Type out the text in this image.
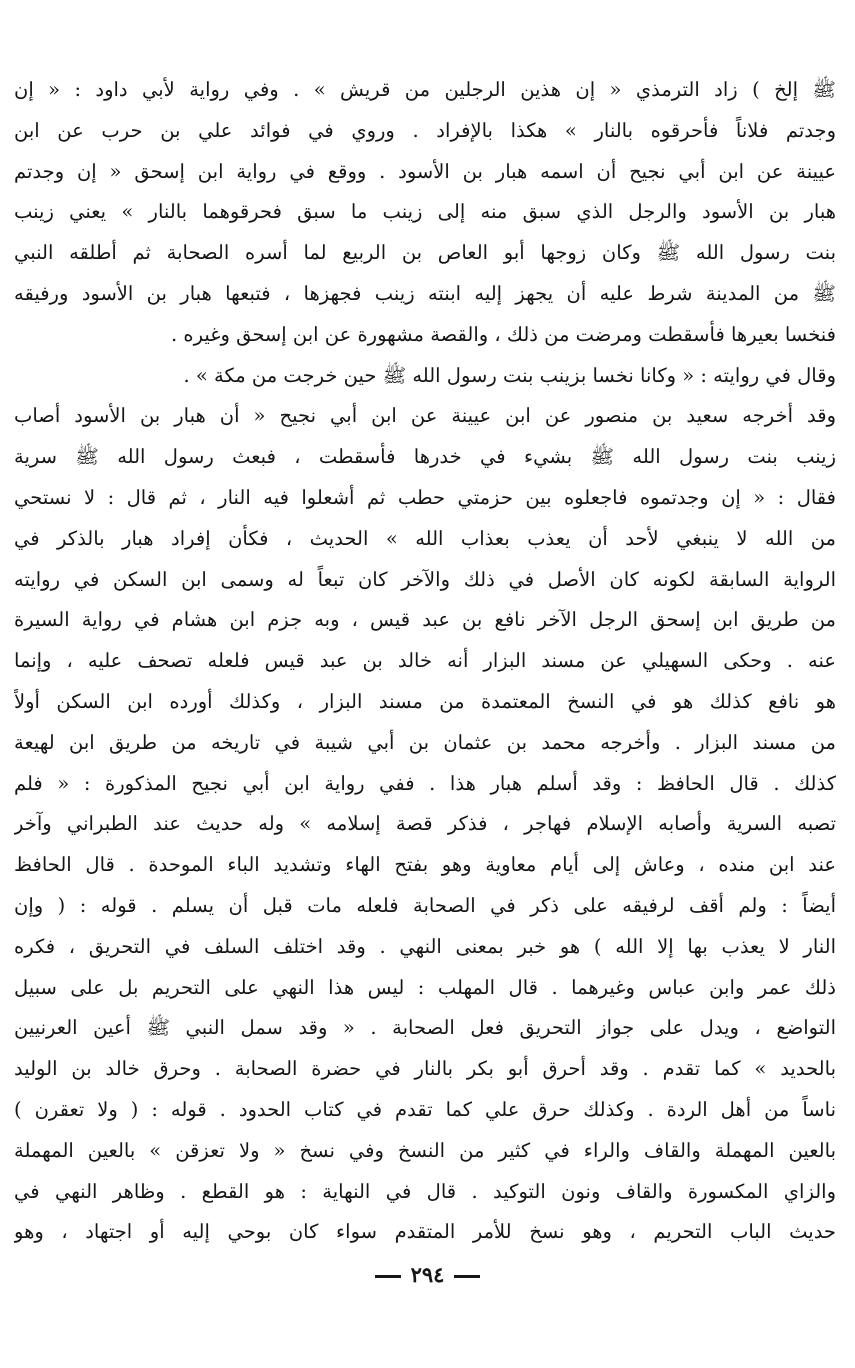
ﷺ إلخ ) زاد الترمذي « إن هذين الرجلين من قريش » . وفي رواية لأبي داود : « إن
وجدتم فلاناً فأحرقوه بالنار » هكذا بالإفراد . وروي في فوائد علي بن حرب عن ابن
عيينة عن ابن أبي نجيح أن اسمه هبار بن الأسود . ووقع في رواية ابن إسحق « إن وجدتم
هبار بن الأسود والرجل الذي سبق منه إلى زينب ما سبق فحرقوهما بالنار » يعني زينب
بنت رسول الله ﷺ وكان زوجها أبو العاص بن الربيع لما أسره الصحابة ثم أطلقه النبي
ﷺ من المدينة شرط عليه أن يجهز إليه ابنته زينب فجهزها ، فتبعها هبار بن الأسود ورفيقه
فنخسا بعيرها فأسقطت ومرضت من ذلك ، والقصة مشهورة عن ابن إسحق وغيره .
وقال في روايته : « وكانا نخسا بزينب بنت رسول الله ﷺ حين خرجت من مكة » .
وقد أخرجه سعيد بن منصور عن ابن عيينة عن ابن أبي نجيح « أن هبار بن الأسود أصاب
زينب بنت رسول الله ﷺ بشيء في خدرها فأسقطت ، فبعث رسول الله ﷺ سرية
فقال : « إن وجدتموه فاجعلوه بين حزمتي حطب ثم أشعلوا فيه النار ، ثم قال : لا نستحي
من الله لا ينبغي لأحد أن يعذب بعذاب الله » الحديث ، فكأن إفراد هبار بالذكر في
الرواية السابقة لكونه كان الأصل في ذلك والآخر كان تبعاً له وسمى ابن السكن في روايته
من طريق ابن إسحق الرجل الآخر نافع بن عبد قيس ، وبه جزم ابن هشام في رواية السيرة
عنه . وحكى السهيلي عن مسند البزار أنه خالد بن عبد قيس فلعله تصحف عليه ، وإنما
هو نافع كذلك هو في النسخ المعتمدة من مسند البزار ، وكذلك أورده ابن السكن أولاً
من مسند البزار . وأخرجه محمد بن عثمان بن أبي شيبة في تاريخه من طريق ابن لهيعة
كذلك . قال الحافظ : وقد أسلم هبار هذا . ففي رواية ابن أبي نجيح المذكورة : « فلم
تصبه السرية وأصابه الإسلام فهاجر ، فذكر قصة إسلامه » وله حديث عند الطبراني وآخر
عند ابن منده ، وعاش إلى أيام معاوية وهو بفتح الهاء وتشديد الباء الموحدة . قال الحافظ
أيضاً : ولم أقف لرفيقه على ذكر في الصحابة فلعله مات قبل أن يسلم . قوله : ( وإن
النار لا يعذب بها إلا الله ) هو خبر بمعنى النهي . وقد اختلف السلف في التحريق ، فكره
ذلك عمر وابن عباس وغيرهما . قال المهلب : ليس هذا النهي على التحريم بل على سبيل
التواضع ، ويدل على جواز التحريق فعل الصحابة . « وقد سمل النبي ﷺ أعين العرنيين
بالحديد » كما تقدم . وقد أحرق أبو بكر بالنار في حضرة الصحابة . وحرق خالد بن الوليد
ناساً من أهل الردة . وكذلك حرق علي كما تقدم في كتاب الحدود . قوله : ( ولا تعقرن )
بالعين المهملة والقاف والراء في كثير من النسخ وفي نسخ « ولا تعزقن » بالعين المهملة
والزاي المكسورة والقاف ونون التوكيد . قال في النهاية : هو القطع . وظاهر النهي في
حديث الباب التحريم ، وهو نسخ للأمر المتقدم سواء كان بوحي إليه أو اجتهاد ، وهو
٢٩٤
